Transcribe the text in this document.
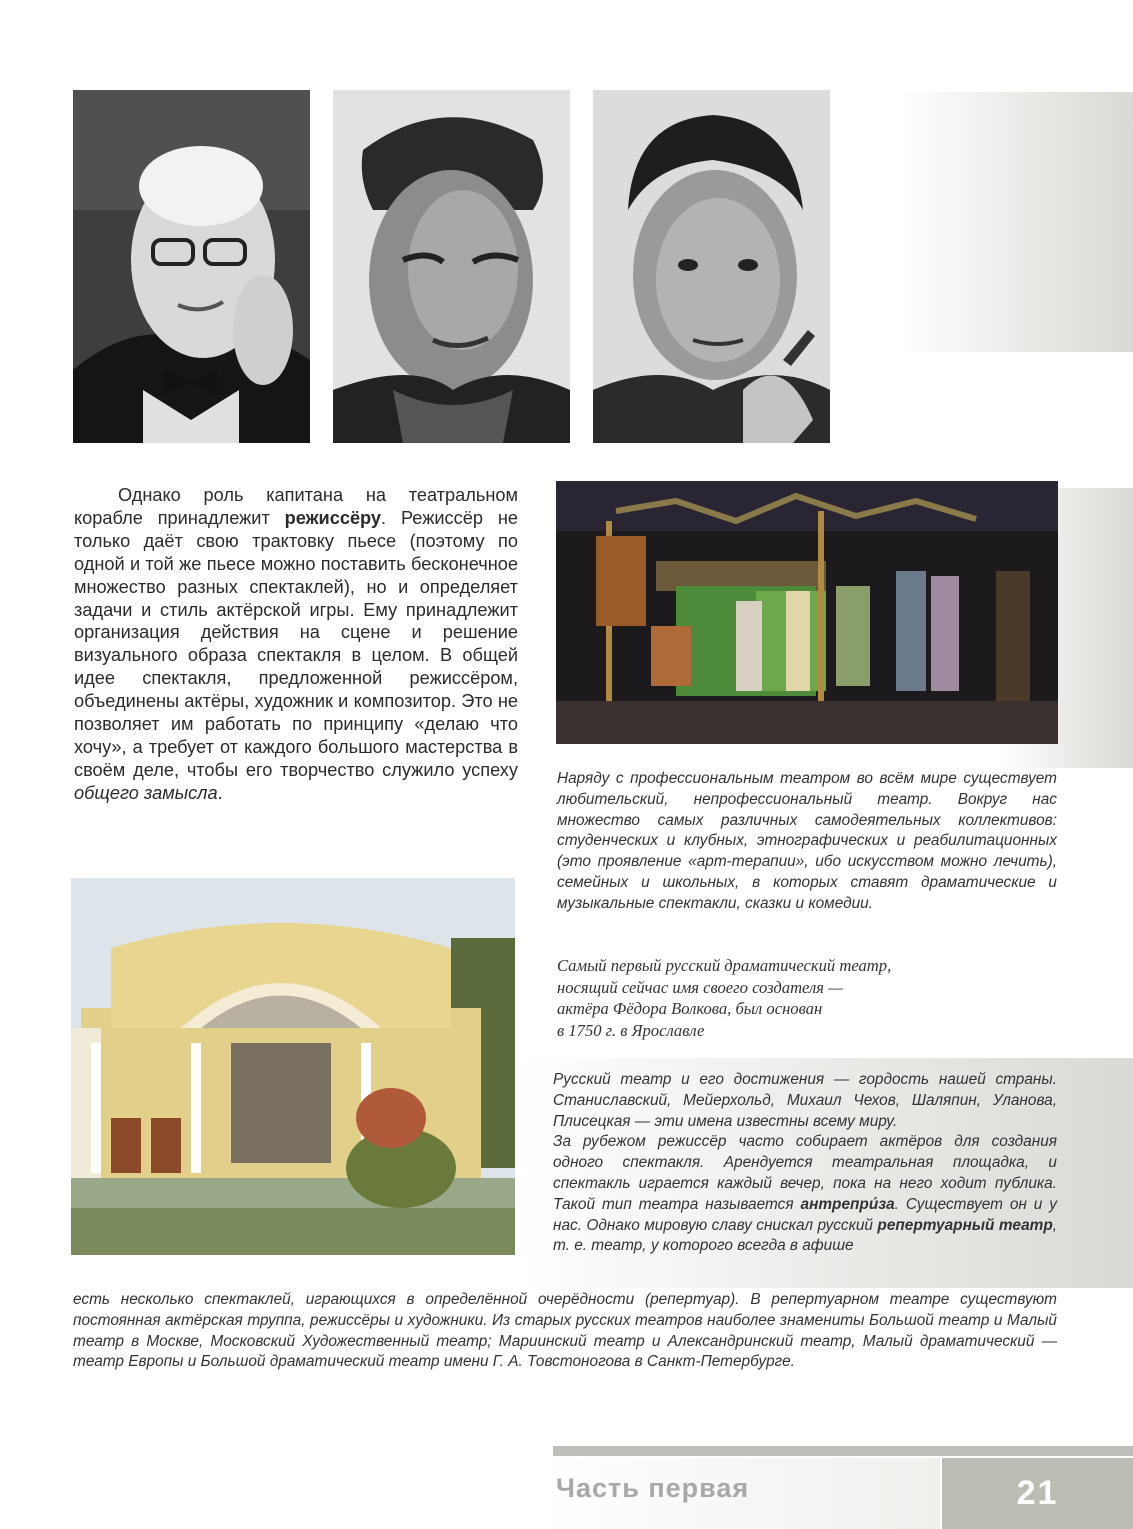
Однако роль капитана на театральном корабле принадлежит режиссёру. Режиссёр не только даёт свою трактовку пьесе (поэтому по одной и той же пьесе можно поставить бесконечное множество разных спектаклей), но и определяет задачи и стиль актёрской игры. Ему принадлежит организация действия на сцене и решение визуального образа спектакля в целом. В общей идее спектакля, предложенной режиссёром, объединены актёры, художник и композитор. Это не позволяет им работать по принципу «делаю что хочу», а требует от каждого большого мастерства в своём деле, чтобы его творчество служило успеху общего замысла.

Наряду с профессиональным театром во всём мире существует любительский, непрофессиональный театр. Вокруг нас множество самых различных самодеятельных коллективов: студенческих и клубных, этнографических и реабилитационных (это проявление «арт-терапии», ибо искусством можно лечить), семейных и школьных, в которых ставят драматические и музыкальные спектакли, сказки и комедии.
Самый первый русский драматический театр,
носящий сейчас имя своего создателя —
актёра Фёдора Волкова, был основан
в 1750 г. в Ярославле
Русский театр и его достижения — гордость нашей страны. Станиславский, Мейерхольд, Михаил Чехов, Шаляпин, Уланова, Плисецкая — эти имена известны всему миру.
За рубежом режиссёр часто собирает актёров для создания одного спектакля. Арендуется театральная площадка, и спектакль играется каждый вечер, пока на него ходит публика. Такой тип театра называется антрепри́за. Существует он и у нас. Однако мировую славу снискал русский репертуарный театр, т. е. театр, у которого всегда в афише
есть несколько спектаклей, играющихся в определённой очерёдности (репертуар). В репертуарном театре существуют постоянная актёрская труппа, режиссёры и художники. Из старых русских театров наиболее знамениты Большой театр и Малый театр в Москве, Московский Художественный театр; Мариинский театр и Александринский театр, Малый драматический — театр Европы и Большой драматический театр имени Г. А. Товстоногова в Санкт-Петербурге.
Часть первая	21
